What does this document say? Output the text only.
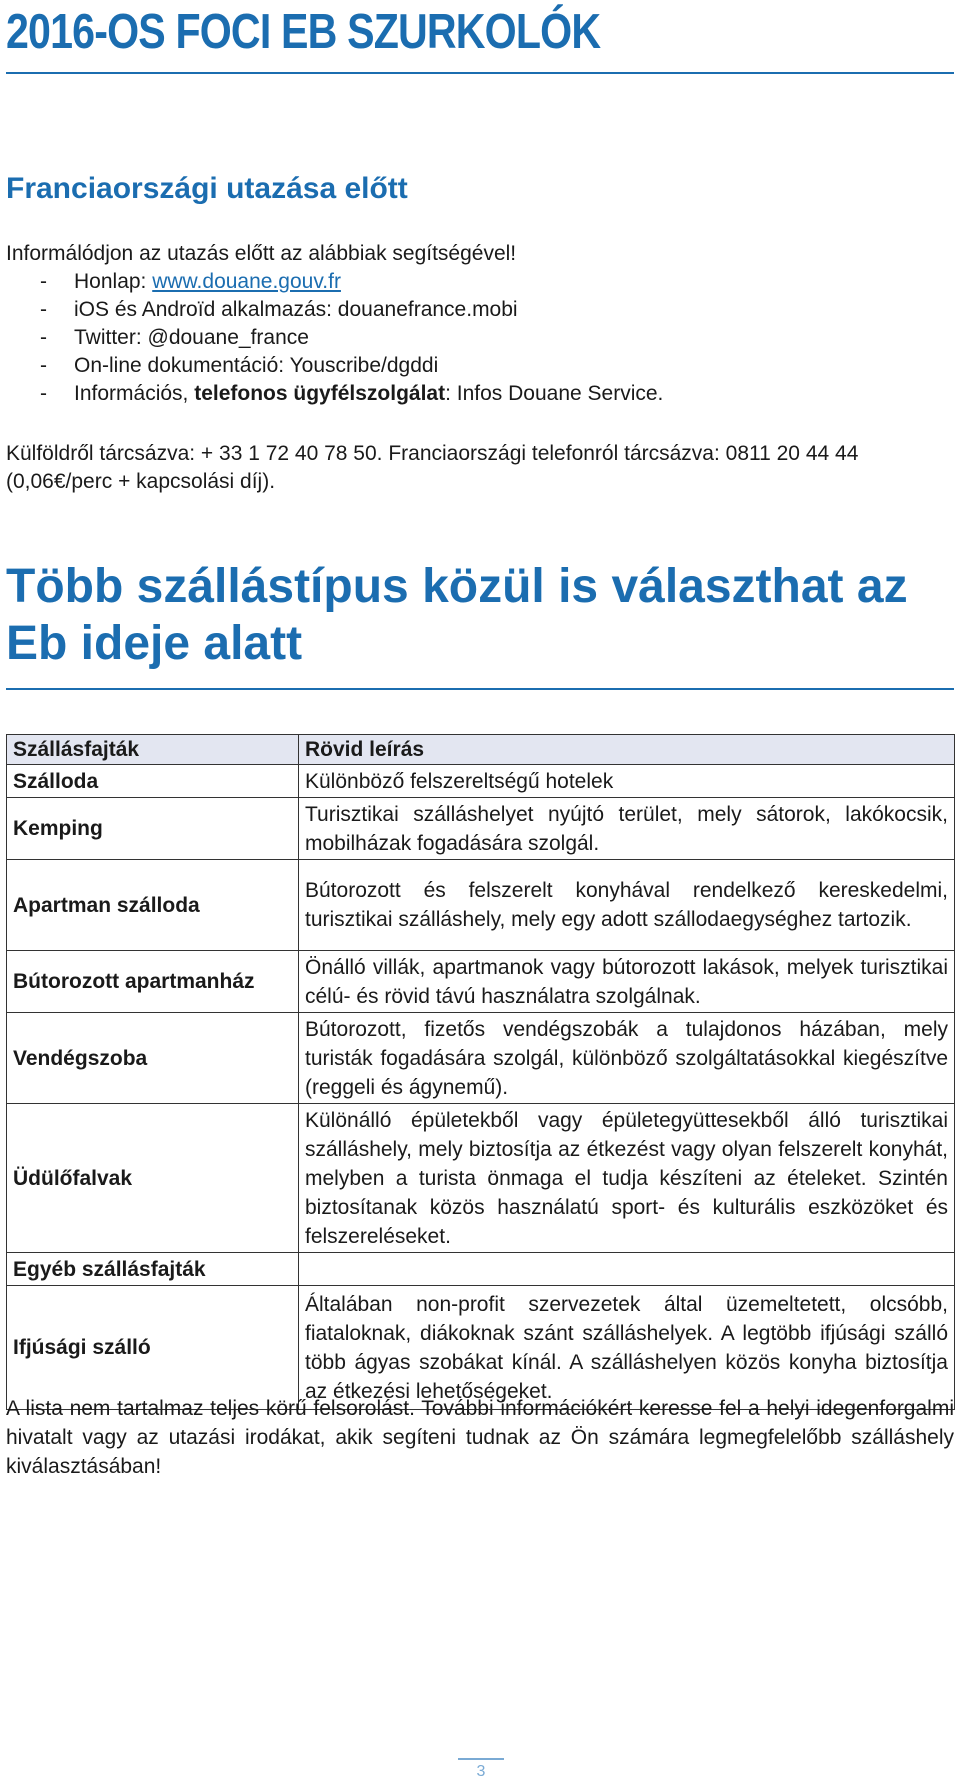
2016-OS FOCI EB SZURKOLÓK
Franciaországi utazása előtt
Informálódjon az utazás előtt az alábbiak segítségével!
- Honlap: www.douane.gouv.fr
- iOS és Androïd alkalmazás: douanefrance.mobi
- Twitter: @douane_france
- On-line dokumentáció: Youscribe/dgddi
- Információs, telefonos ügyfélszolgálat: Infos Douane Service.
Külföldről tárcsázva: + 33 1 72 40 78 50. Franciaországi telefonról tárcsázva: 0811 20 44 44 (0,06€/perc + kapcsolási díj).
Több szállástípus közül is választhat az Eb ideje alatt
Szállásfajták	Rövid leírás
Szálloda	Különböző felszereltségű hotelek
Kemping	Turisztikai szálláshelyet nyújtó terület, mely sátorok, lakókocsik, mobilházak fogadására szolgál.
Apartman szálloda	Bútorozott és felszerelt konyhával rendelkező kereskedelmi, turisztikai szálláshely, mely egy adott szállodaegységhez tartozik.
Bútorozott apartmanház	Önálló villák, apartmanok vagy bútorozott lakások, melyek turisztikai célú- és rövid távú használatra szolgálnak.
Vendégszoba	Bútorozott, fizetős vendégszobák a tulajdonos házában, mely turisták fogadására szolgál, különböző szolgáltatásokkal kiegészítve (reggeli és ágynemű).
Üdülőfalvak	Különálló épületekből vagy épületegyüttesekből álló turisztikai szálláshely, mely biztosítja az étkezést vagy olyan felszerelt konyhát, melyben a turista önmaga el tudja készíteni az ételeket. Szintén biztosítanak közös használatú sport- és kulturális eszközöket és felszereléseket.
Egyéb szállásfajták	
Ifjúsági szálló	Általában non-profit szervezetek által üzemeltetett, olcsóbb, fiataloknak, diákoknak szánt szálláshelyek. A legtöbb ifjúsági szálló több ágyas szobákat kínál. A szálláshelyen közös konyha biztosítja az étkezési lehetőségeket.
A lista nem tartalmaz teljes körű felsorolást. További információkért keresse fel a helyi idegenforgalmi hivatalt vagy az utazási irodákat, akik segíteni tudnak az Ön számára legmegfelelőbb szálláshely kiválasztásában!
3
